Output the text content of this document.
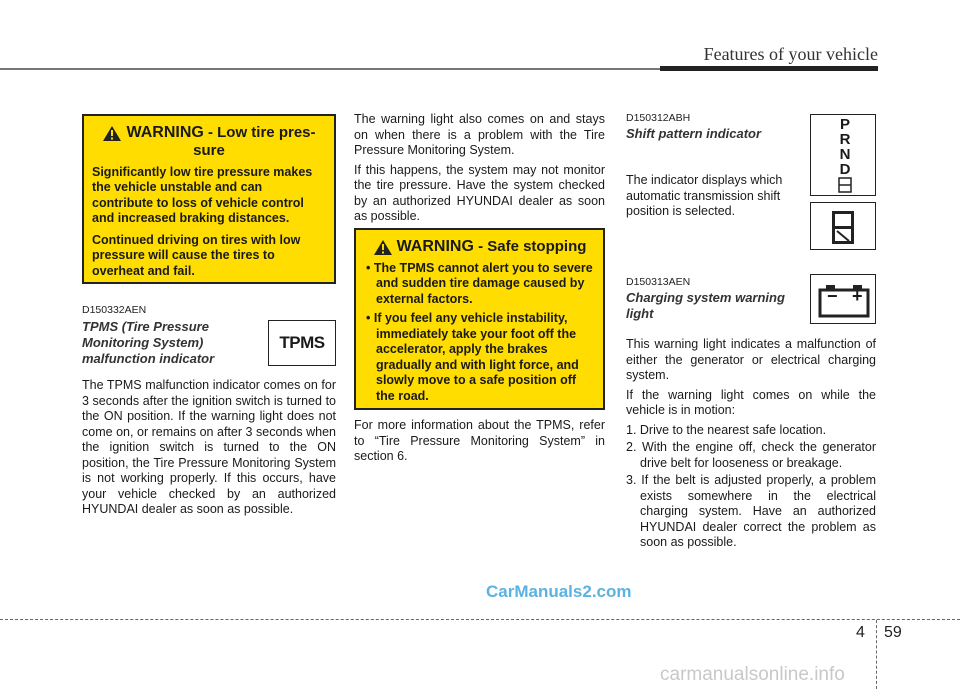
Features of your vehicle
WARNING - Low tire pres-
sure

Significantly low tire pressure makes the vehicle unstable and can contribute to loss of vehicle control and increased braking distances.

Continued driving on tires with low pressure will cause the tires to overheat and fail.

D150332AEN
TPMS (Tire Pressure
Monitoring System)
malfunction indicator
TPMS
The TPMS malfunction indicator comes on for 3 seconds after the ignition switch is turned to the ON position. If the warning light does not come on, or remains on after 3 seconds when the ignition switch is turned to the ON position, the Tire Pressure Monitoring System is not working properly. If this occurs, have your vehicle checked by an authorized HYUNDAI dealer as soon as possible.

The warning light also comes on and stays on when there is a problem with the Tire Pressure Monitoring System.

If this happens, the system may not monitor the tire pressure. Have the system checked by an authorized HYUNDAI dealer as soon as possible.

WARNING - Safe stopping
• The TPMS cannot alert you to severe and sudden tire damage caused by external factors.
• If you feel any vehicle instability, immediately take your foot off the accelerator, apply the brakes gradually and with light force, and slowly move to a safe position off the road.
For more information about the TPMS, refer to “Tire Pressure Monitoring System” in section 6.
D150312ABH
Shift pattern indicator
The indicator displays which automatic transmission shift position is selected.
P
R
N
D
D150313AEN
Charging system warning
light
− +

This warning light indicates a malfunction of either the generator or electrical charging system.

If the warning light comes on while the vehicle is in motion:

1. Drive to the nearest safe location.
2. With the engine off, check the generator drive belt for looseness or breakage.
3. If the belt is adjusted properly, a problem exists somewhere in the electrical charging system. Have an authorized HYUNDAI dealer correct the problem as soon as possible.
CarManuals2.com
4 59
carmanualsonline.info
